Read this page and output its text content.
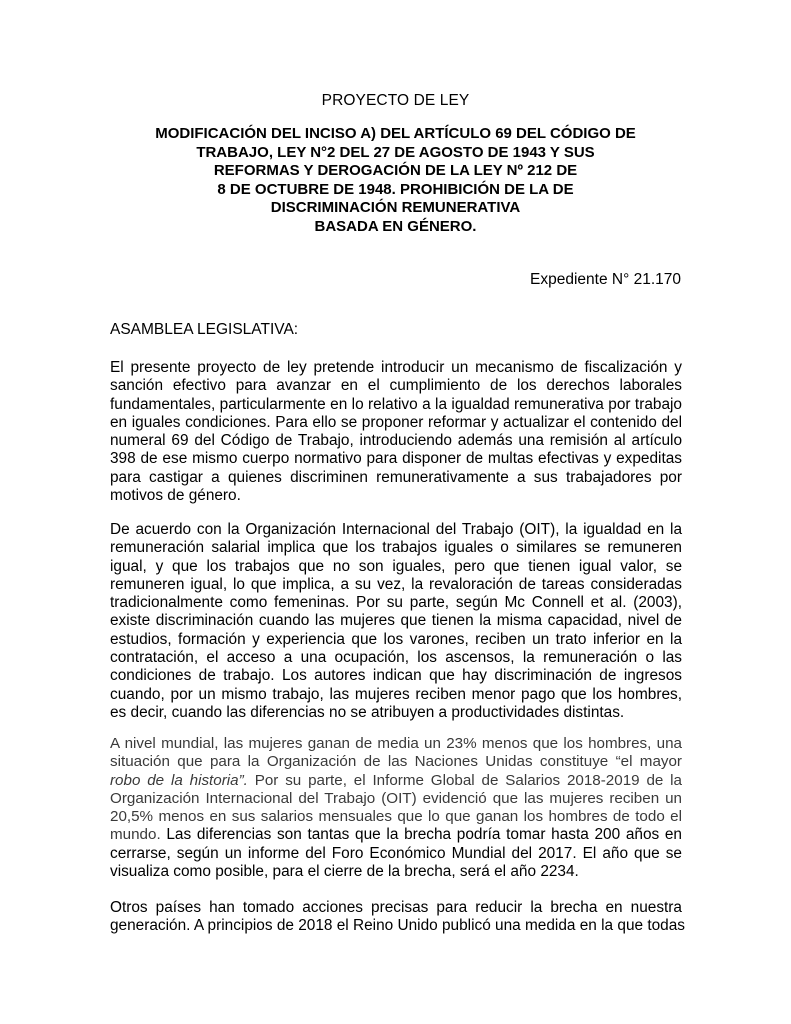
PROYECTO DE LEY
MODIFICACIÓN DEL INCISO A) DEL ARTÍCULO 69 DEL CÓDIGO DE
TRABAJO, LEY N°2 DEL 27 DE AGOSTO DE 1943 Y SUS
REFORMAS Y DEROGACIÓN DE LA LEY Nº 212 DE
8 DE OCTUBRE DE 1948. PROHIBICIÓN DE LA DE
DISCRIMINACIÓN REMUNERATIVA
BASADA EN GÉNERO.
Expediente N° 21.170
ASAMBLEA LEGISLATIVA:
El presente proyecto de ley pretende introducir un mecanismo de fiscalización y
sanción efectivo para avanzar en el cumplimiento de los derechos laborales
fundamentales, particularmente en lo relativo a la igualdad remunerativa por trabajo
en iguales condiciones. Para ello se proponer reformar y actualizar el contenido del
numeral 69 del Código de Trabajo, introduciendo además una remisión al artículo
398 de ese mismo cuerpo normativo para disponer de multas efectivas y expeditas
para castigar a quienes discriminen remunerativamente a sus trabajadores por
motivos de género.
De acuerdo con la Organización Internacional del Trabajo (OIT), la igualdad en la
remuneración salarial implica que los trabajos iguales o similares se remuneren
igual, y que los trabajos que no son iguales, pero que tienen igual valor, se
remuneren igual, lo que implica, a su vez, la revaloración de tareas consideradas
tradicionalmente como femeninas. Por su parte, según Mc Connell et al. (2003),
existe discriminación cuando las mujeres que tienen la misma capacidad, nivel de
estudios, formación y experiencia que los varones, reciben un trato inferior en la
contratación, el acceso a una ocupación, los ascensos, la remuneración o las
condiciones de trabajo. Los autores indican que hay discriminación de ingresos
cuando, por un mismo trabajo, las mujeres reciben menor pago que los hombres,
es decir, cuando las diferencias no se atribuyen a productividades distintas.
A nivel mundial, las mujeres ganan de media un 23% menos que los hombres, una
situación que para la Organización de las Naciones Unidas constituye “el mayor
robo de la historia”. Por su parte, el Informe Global de Salarios 2018-2019 de la
Organización Internacional del Trabajo (OIT) evidenció que las mujeres reciben un
20,5% menos en sus salarios mensuales que lo que ganan los hombres de todo el
mundo. Las diferencias son tantas que la brecha podría tomar hasta 200 años en
cerrarse, según un informe del Foro Económico Mundial del 2017. El año que se
visualiza como posible, para el cierre de la brecha, será el año 2234.
Otros países han tomado acciones precisas para reducir la brecha en nuestra
generación. A principios de 2018 el Reino Unido publicó una medida en la que todas
